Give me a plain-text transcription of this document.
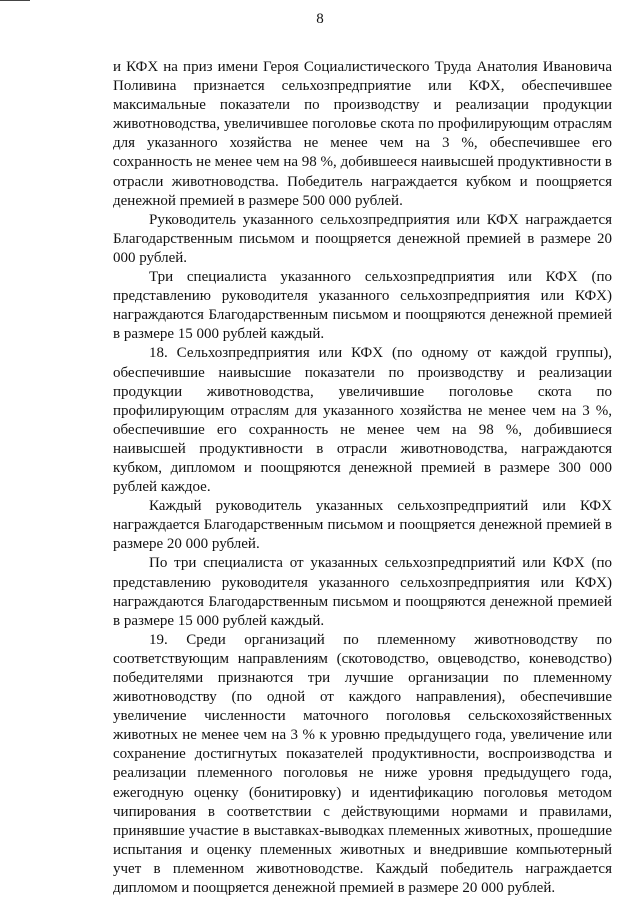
8

и КФХ на приз имени Героя Социалистического Труда Анатолия Ивановича Поливина признается сельхозпредприятие или КФХ, обеспечившее максимальные показатели по производству и реализации продукции животноводства, увеличившее поголовье скота по профилирующим отраслям для указанного хозяйства не менее чем на 3 %, обеспечившее его сохранность не менее чем на 98 %, добившееся наивысшей продуктивности в отрасли животноводства. Победитель награждается кубком и поощряется денежной премией в размере 500 000 рублей.

Руководитель указанного сельхозпредприятия или КФХ награждается Благодарственным письмом и поощряется денежной премией в размере 20 000 рублей.

Три специалиста указанного сельхозпредприятия или КФХ (по представлению руководителя указанного сельхозпредприятия или КФХ) награждаются Благодарственным письмом и поощряются денежной премией в размере 15 000 рублей каждый.

18. Сельхозпредприятия или КФХ (по одному от каждой группы), обеспечившие наивысшие показатели по производству и реализации продукции животноводства, увеличившие поголовье скота по профилирующим отраслям для указанного хозяйства не менее чем на 3 %, обеспечившие его сохранность не менее чем на 98 %, добившиеся наивысшей продуктивности в отрасли животноводства, награждаются кубком, дипломом и поощряются денежной премией в размере 300 000 рублей каждое.

Каждый руководитель указанных сельхозпредприятий или КФХ награждается Благодарственным письмом и поощряется денежной премией в размере 20 000 рублей.

По три специалиста от указанных сельхозпредприятий или КФХ (по представлению руководителя указанного сельхозпредприятия или КФХ) награждаются Благодарственным письмом и поощряются денежной премией в размере 15 000 рублей каждый.

19. Среди организаций по племенному животноводству по соответствующим направлениям (скотоводство, овцеводство, коневодство) победителями признаются три лучшие организации по племенному животноводству (по одной от каждого направления), обеспечившие увеличение численности маточного поголовья сельскохозяйственных животных не менее чем на 3 % к уровню предыдущего года, увеличение или сохранение достигнутых показателей продуктивности, воспроизводства и реализации племенного поголовья не ниже уровня предыдущего года, ежегодную оценку (бонитировку) и идентификацию поголовья методом чипирования в соответствии с действующими нормами и правилами, принявшие участие в выставках-выводках племенных животных, прошедшие испытания и оценку племенных животных и внедрившие компьютерный учет в племенном животноводстве. Каждый победитель награждается дипломом и поощряется денежной премией в размере 20 000 рублей.
